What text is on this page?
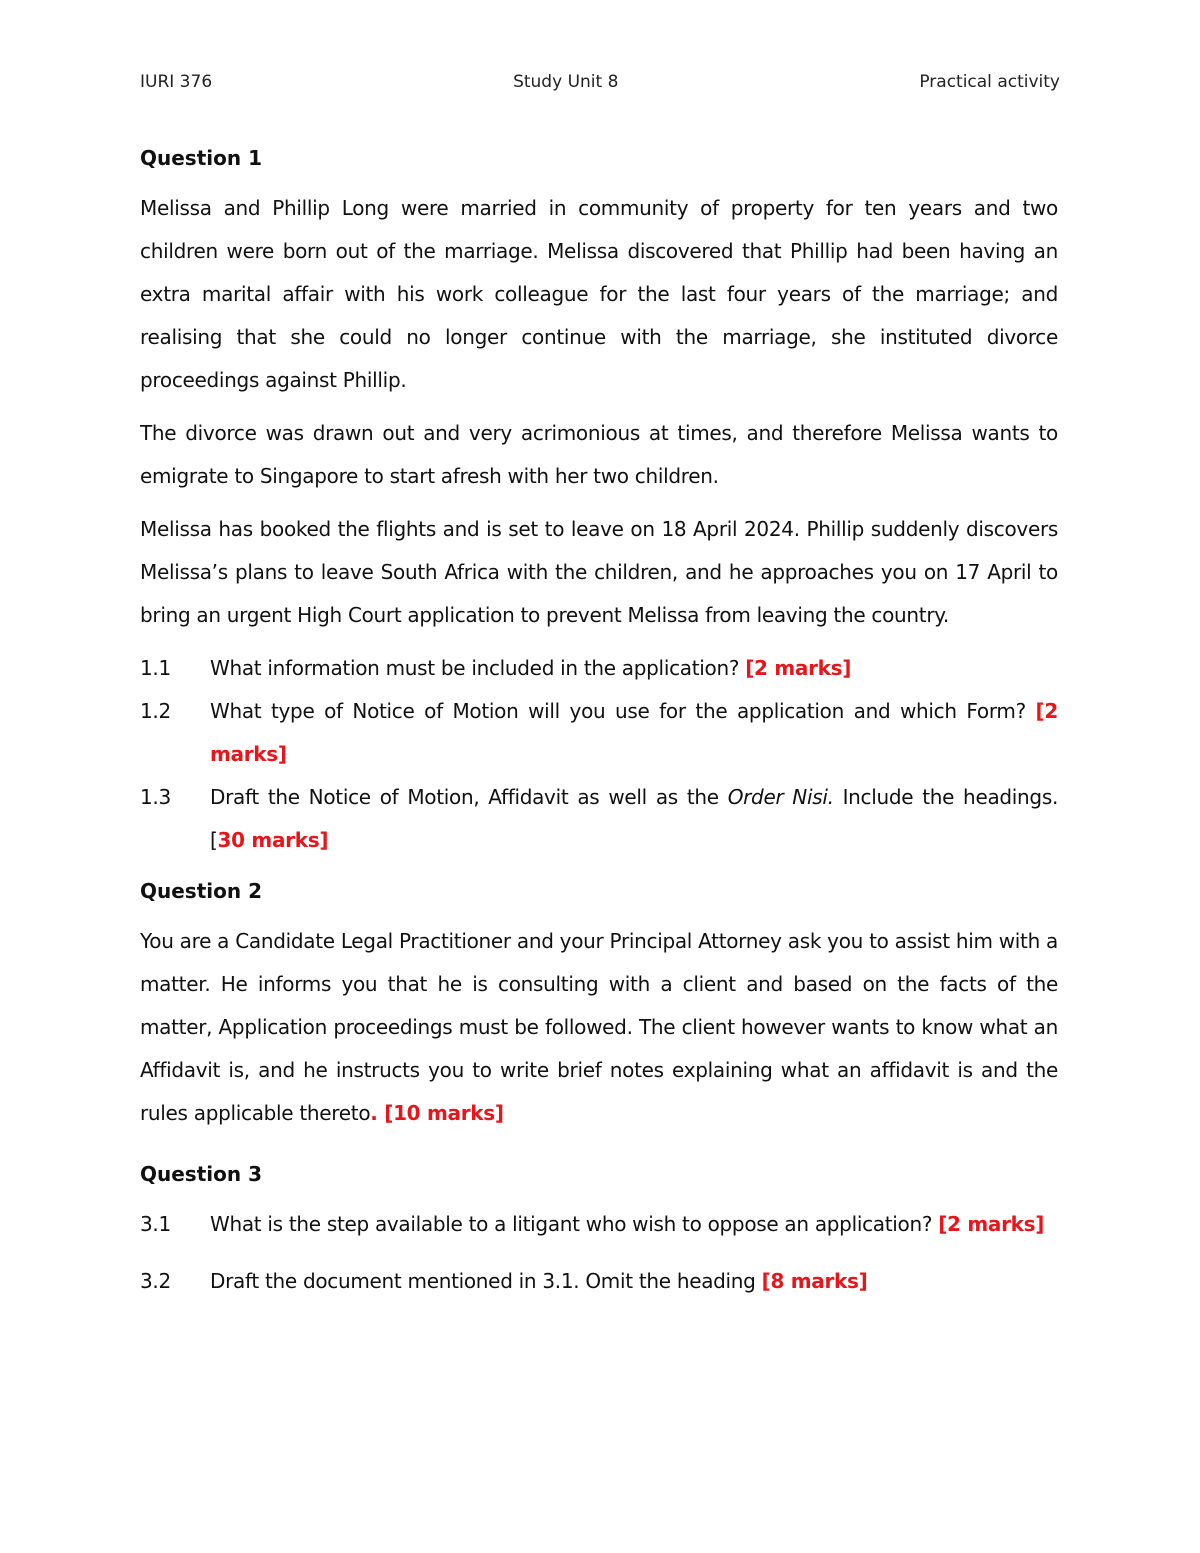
IURI 376	Study Unit 8	Practical activity
Question 1

Melissa and Phillip Long were married in community of property for ten years and two children were born out of the marriage. Melissa discovered that Phillip had been having an extra marital affair with his work colleague for the last four years of the marriage; and realising that she could no longer continue with the marriage, she instituted divorce proceedings against Phillip.

The divorce was drawn out and very acrimonious at times, and therefore Melissa wants to emigrate to Singapore to start afresh with her two children.

Melissa has booked the flights and is set to leave on 18 April 2024. Phillip suddenly discovers Melissa’s plans to leave South Africa with the children, and he approaches you on 17 April to bring an urgent High Court application to prevent Melissa from leaving the country.

1.1	What information must be included in the application? [2 marks]
1.2	What type of Notice of Motion will you use for the application and which Form? [2 marks]
1.3	Draft the Notice of Motion, Affidavit as well as the Order Nisi. Include the headings. [30 marks]
Question 2

You are a Candidate Legal Practitioner and your Principal Attorney ask you to assist him with a matter. He informs you that he is consulting with a client and based on the facts of the matter, Application proceedings must be followed. The client however wants to know what an Affidavit is, and he instructs you to write brief notes explaining what an affidavit is and the rules applicable thereto. [10 marks]

Question 3
3.1	What is the step available to a litigant who wish to oppose an application? [2 marks]
3.2	Draft the document mentioned in 3.1. Omit the heading [8 marks]
